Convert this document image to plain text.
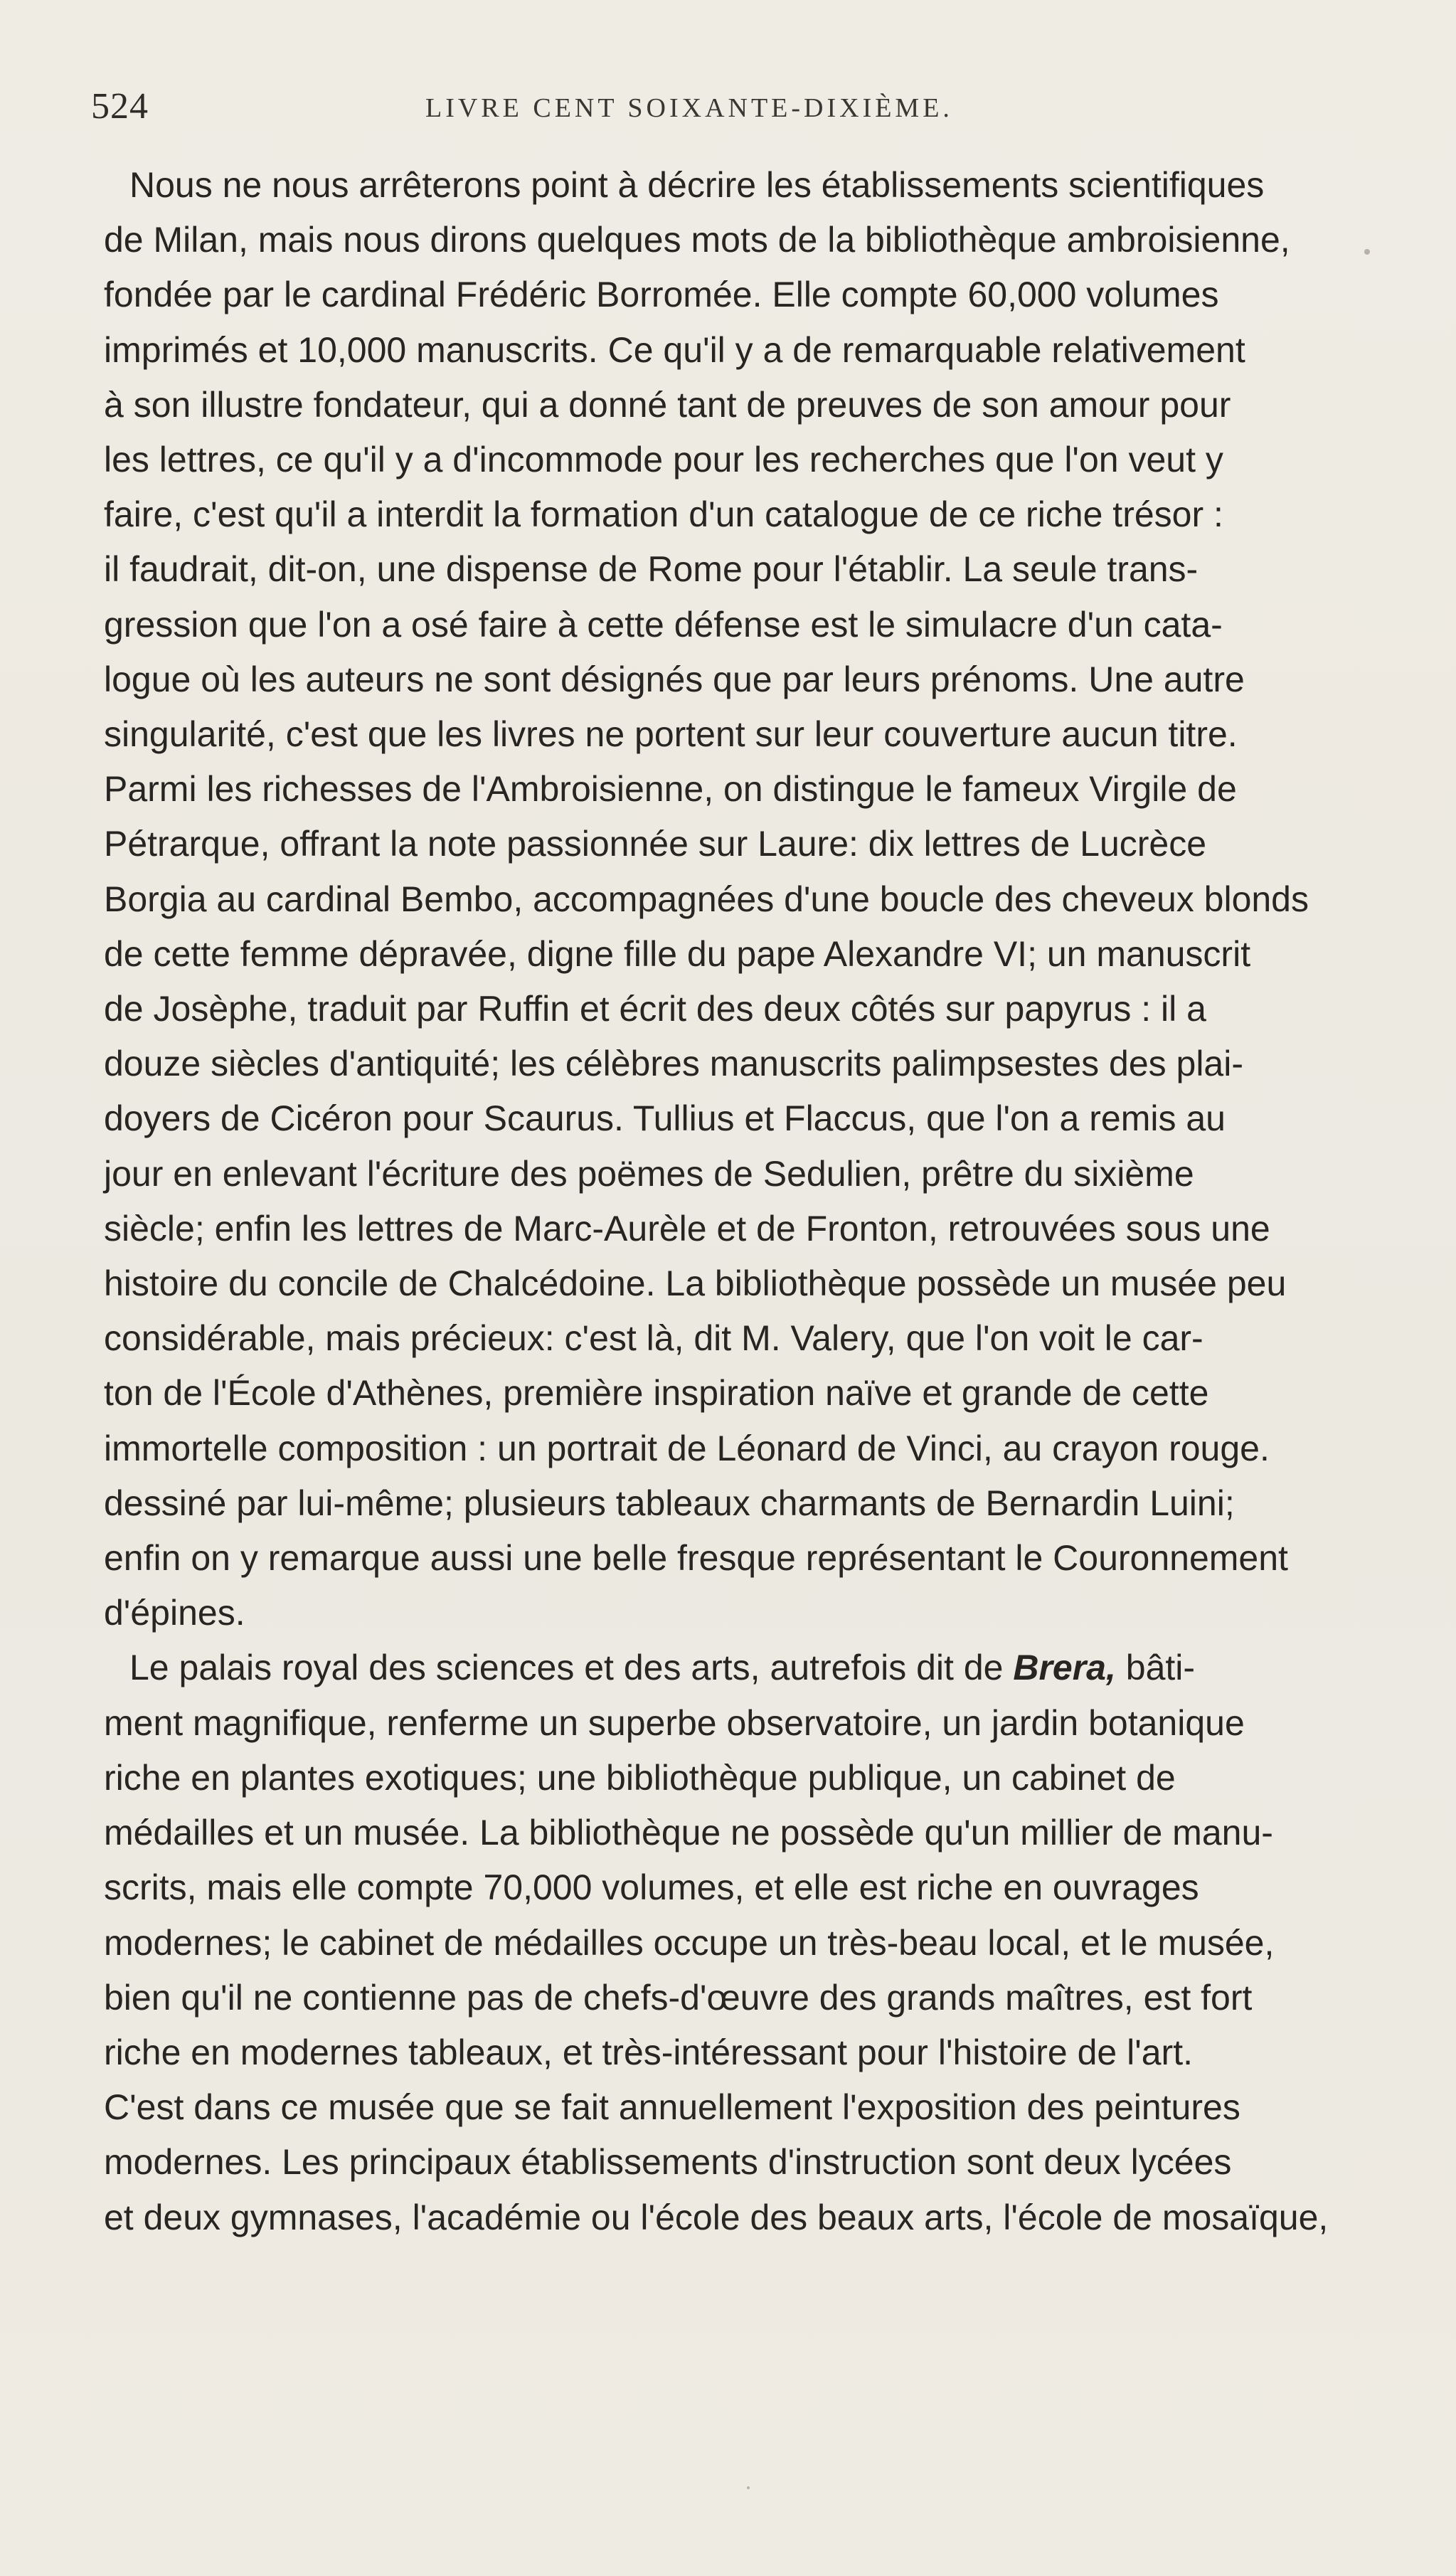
524	LIVRE CENT SOIXANTE-DIXIÈME.
Nous ne nous arrêterons point à décrire les établissements scientifiques
de Milan, mais nous dirons quelques mots de la bibliothèque ambroisienne,
fondée par le cardinal Frédéric Borromée. Elle compte 60,000 volumes
imprimés et 10,000 manuscrits. Ce qu'il y a de remarquable relativement
à son illustre fondateur, qui a donné tant de preuves de son amour pour
les lettres, ce qu'il y a d'incommode pour les recherches que l'on veut y
faire, c'est qu'il a interdit la formation d'un catalogue de ce riche trésor :
il faudrait, dit-on, une dispense de Rome pour l'établir. La seule trans-
gression que l'on a osé faire à cette défense est le simulacre d'un cata-
logue où les auteurs ne sont désignés que par leurs prénoms. Une autre
singularité, c'est que les livres ne portent sur leur couverture aucun titre.
Parmi les richesses de l'Ambroisienne, on distingue le fameux Virgile de
Pétrarque, offrant la note passionnée sur Laure: dix lettres de Lucrèce
Borgia au cardinal Bembo, accompagnées d'une boucle des cheveux blonds
de cette femme dépravée, digne fille du pape Alexandre VI; un manuscrit
de Josèphe, traduit par Ruffin et écrit des deux côtés sur papyrus : il a
douze siècles d'antiquité; les célèbres manuscrits palimpsestes des plai-
doyers de Cicéron pour Scaurus. Tullius et Flaccus, que l'on a remis au
jour en enlevant l'écriture des poëmes de Sedulien, prêtre du sixième
siècle; enfin les lettres de Marc-Aurèle et de Fronton, retrouvées sous une
histoire du concile de Chalcédoine. La bibliothèque possède un musée peu
considérable, mais précieux: c'est là, dit M. Valery, que l'on voit le car-
ton de l'École d'Athènes, première inspiration naïve et grande de cette
immortelle composition : un portrait de Léonard de Vinci, au crayon rouge.
dessiné par lui-même; plusieurs tableaux charmants de Bernardin Luini;
enfin on y remarque aussi une belle fresque représentant le Couronnement
d'épines.
Le palais royal des sciences et des arts, autrefois dit de Brera, bâti-
ment magnifique, renferme un superbe observatoire, un jardin botanique
riche en plantes exotiques; une bibliothèque publique, un cabinet de
médailles et un musée. La bibliothèque ne possède qu'un millier de manu-
scrits, mais elle compte 70,000 volumes, et elle est riche en ouvrages
modernes; le cabinet de médailles occupe un très-beau local, et le musée,
bien qu'il ne contienne pas de chefs-d'œuvre des grands maîtres, est fort
riche en modernes tableaux, et très-intéressant pour l'histoire de l'art.
C'est dans ce musée que se fait annuellement l'exposition des peintures
modernes. Les principaux établissements d'instruction sont deux lycées
et deux gymnases, l'académie ou l'école des beaux arts, l'école de mosaïque,
